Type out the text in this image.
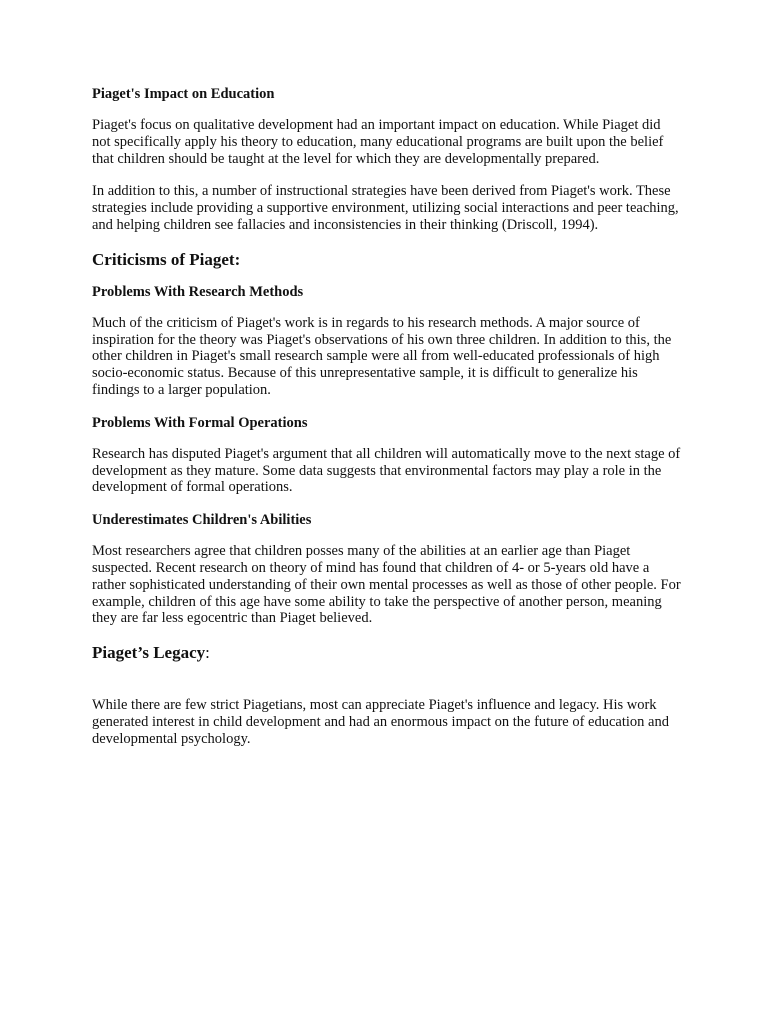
Piaget's Impact on Education

Piaget's focus on qualitative development had an important impact on education. While Piaget did not specifically apply his theory to education, many educational programs are built upon the belief that children should be taught at the level for which they are developmentally prepared.

In addition to this, a number of instructional strategies have been derived from Piaget's work. These strategies include providing a supportive environment, utilizing social interactions and peer teaching, and helping children see fallacies and inconsistencies in their thinking (Driscoll, 1994).

Criticisms of Piaget:
Problems With Research Methods

Much of the criticism of Piaget's work is in regards to his research methods. A major source of inspiration for the theory was Piaget's observations of his own three children. In addition to this, the other children in Piaget's small research sample were all from well-educated professionals of high socio-economic status. Because of this unrepresentative sample, it is difficult to generalize his findings to a larger population.

Problems With Formal Operations

Research has disputed Piaget's argument that all children will automatically move to the next stage of development as they mature. Some data suggests that environmental factors may play a role in the development of formal operations.

Underestimates Children's Abilities

Most researchers agree that children posses many of the abilities at an earlier age than Piaget suspected. Recent research on theory of mind has found that children of 4- or 5-years old have a rather sophisticated understanding of their own mental processes as well as those of other people. For example, children of this age have some ability to take the perspective of another person, meaning they are far less egocentric than Piaget believed.

Piaget’s Legacy:

While there are few strict Piagetians, most can appreciate Piaget's influence and legacy. His work generated interest in child development and had an enormous impact on the future of education and developmental psychology.
